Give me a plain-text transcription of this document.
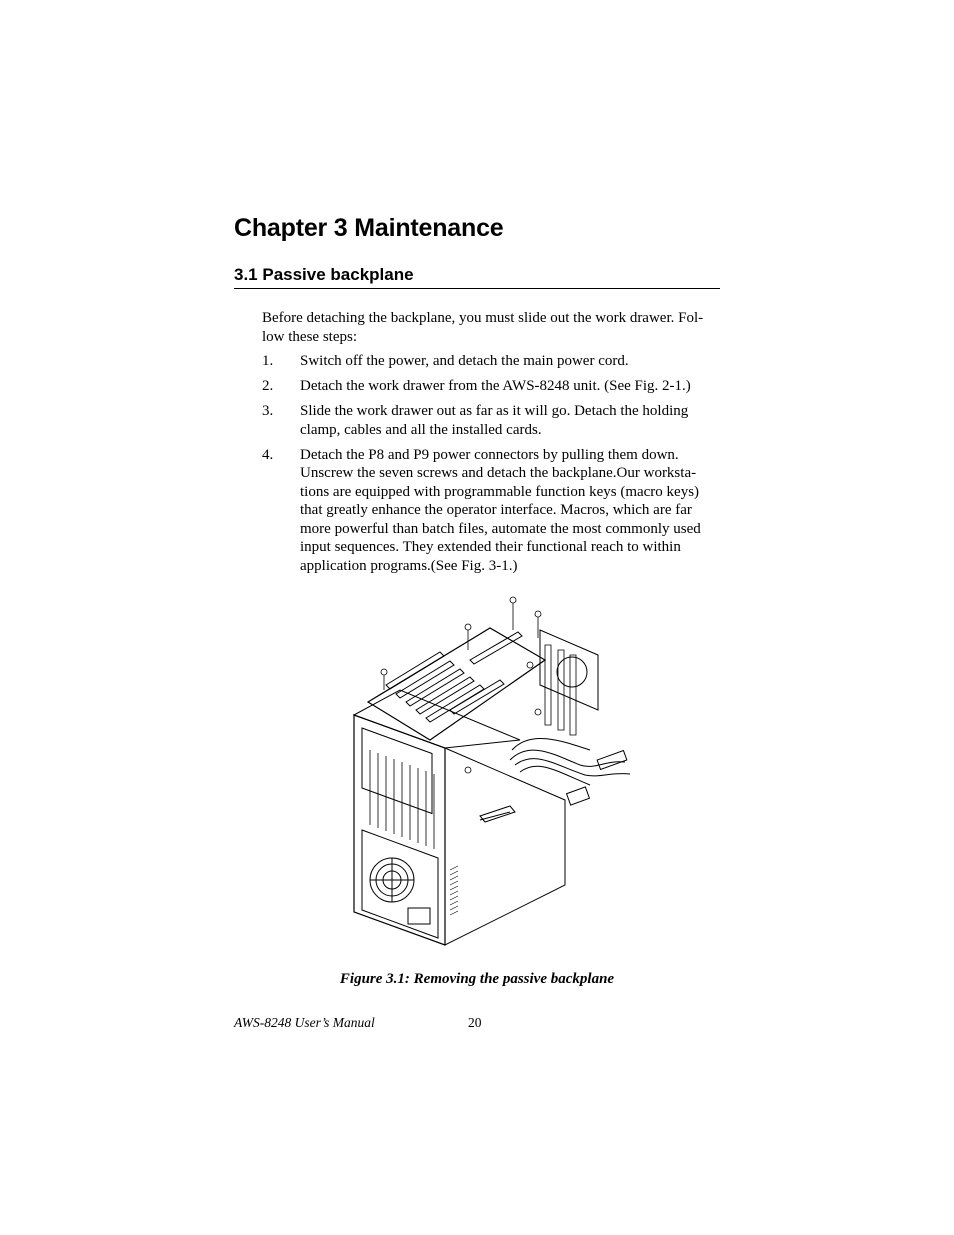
Chapter 3 Maintenance
3.1 Passive backplane

Before detaching the backplane, you must slide out the work drawer. Fol-low these steps:

1.	Switch off the power, and detach the main power cord.
2.	Detach the work drawer from the AWS-8248 unit. (See Fig. 2-1.)
3.	Slide the work drawer out as far as it will go. Detach the holding clamp, cables and all the installed cards.
4.	Detach the P8 and P9 power connectors by pulling them down. Unscrew the seven screws and detach the backplane.Our worksta-tions are equipped with programmable function keys (macro keys) that greatly enhance the operator interface. Macros, which are far more powerful than batch files, automate the most commonly used input sequences. They extended their functional reach to within application programs.(See Fig. 3-1.)
Figure 3.1: Removing the passive backplane
AWS-8248 User’s Manual	20
